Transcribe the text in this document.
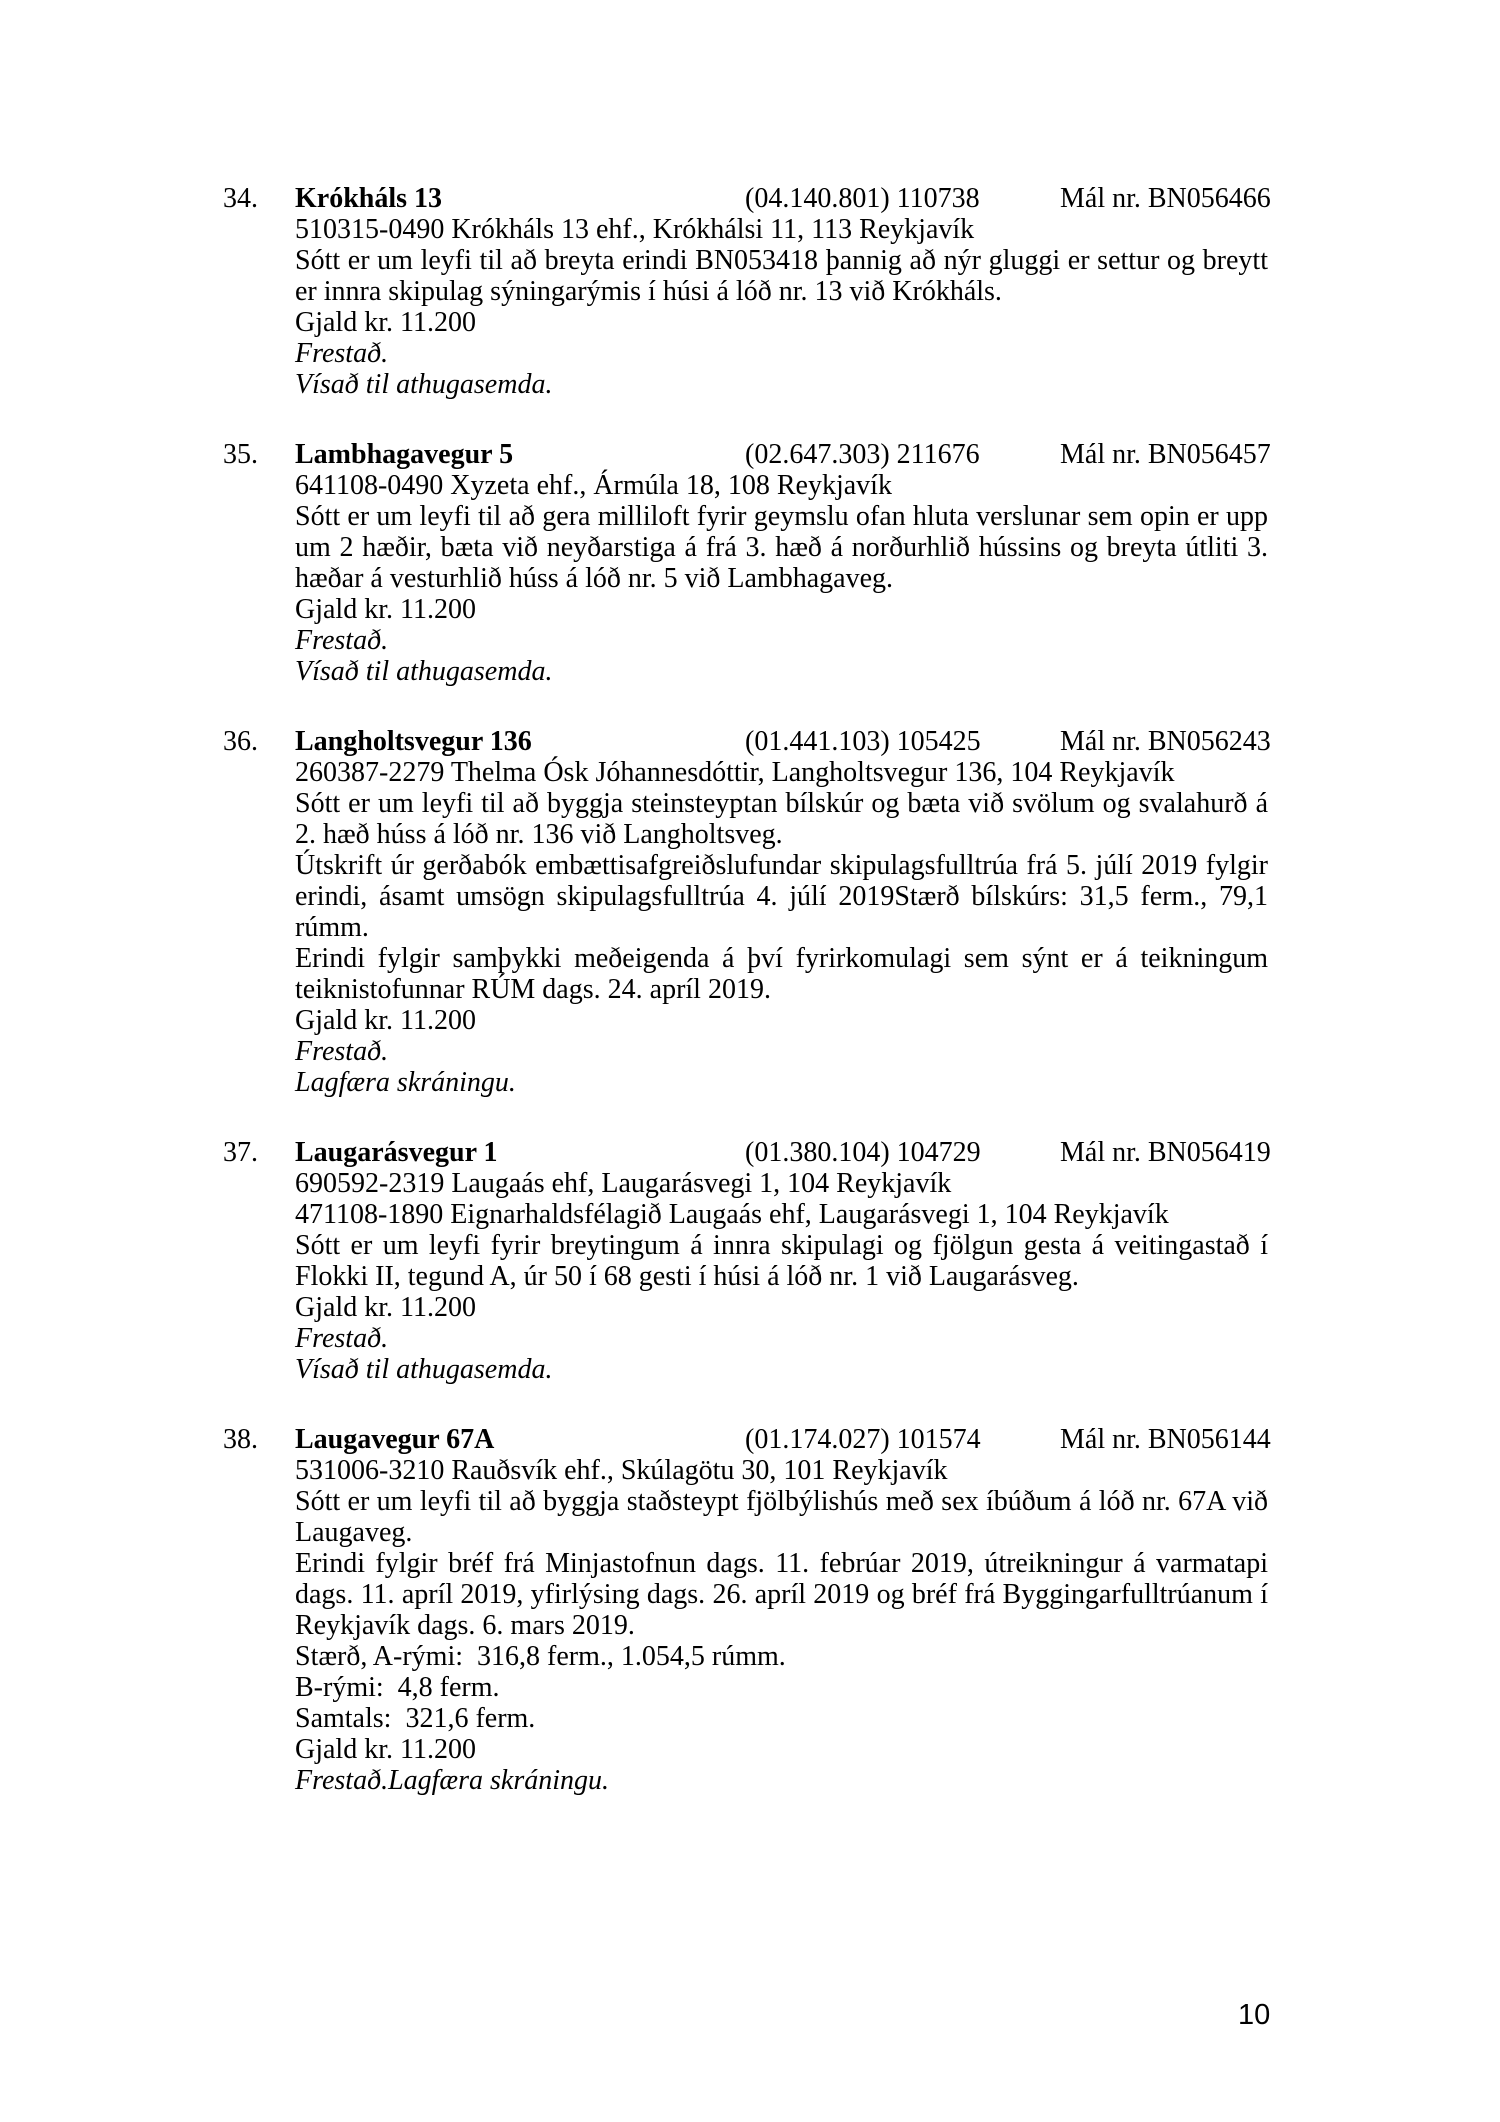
34.	Krókháls 13	(04.140.801) 110738	Mál nr. BN056466
510315-0490 Krókháls 13 ehf., Krókhálsi 11, 113 Reykjavík

Sótt er um leyfi til að breyta erindi BN053418 þannig að nýr gluggi er settur og breytt er innra skipulag sýningarýmis í húsi á lóð nr. 13 við Krókháls.

Gjald kr. 11.200
Frestað.
Vísað til athugasemda.
35.	Lambhagavegur 5	(02.647.303) 211676	Mál nr. BN056457
641108-0490 Xyzeta ehf., Ármúla 18, 108 Reykjavík

Sótt er um leyfi til að gera milliloft fyrir geymslu ofan hluta verslunar sem opin er upp um 2 hæðir, bæta við neyðarstiga á frá 3. hæð á norðurhlið hússins og breyta útliti 3. hæðar á vesturhlið húss á lóð nr. 5 við Lambhagaveg.

Gjald kr. 11.200
Frestað.
Vísað til athugasemda.
36.	Langholtsvegur 136	(01.441.103) 105425	Mál nr. BN056243
260387-2279 Thelma Ósk Jóhannesdóttir, Langholtsvegur 136, 104 Reykjavík

Sótt er um leyfi til að byggja steinsteyptan bílskúr og bæta við svölum og svalahurð á 2. hæð húss á lóð nr. 136 við Langholtsveg.

Útskrift úr gerðabók embættisafgreiðslufundar skipulagsfulltrúa frá 5. júlí 2019 fylgir erindi, ásamt umsögn skipulagsfulltrúa 4. júlí 2019Stærð bílskúrs: 31,5 ferm., 79,1 rúmm.

Erindi fylgir samþykki meðeigenda á því fyrirkomulagi sem sýnt er á teikningum teiknistofunnar RÚM dags. 24. apríl 2019.

Gjald kr. 11.200
Frestað.
Lagfæra skráningu.
37.	Laugarásvegur 1	(01.380.104) 104729	Mál nr. BN056419
690592-2319 Laugaás ehf, Laugarásvegi 1, 104 Reykjavík
471108-1890 Eignarhaldsfélagið Laugaás ehf, Laugarásvegi 1, 104 Reykjavík

Sótt er um leyfi fyrir breytingum á innra skipulagi og fjölgun gesta á veitingastað í Flokki II, tegund A, úr 50 í 68 gesti í húsi á lóð nr. 1 við Laugarásveg.

Gjald kr. 11.200
Frestað.
Vísað til athugasemda.
38.	Laugavegur 67A	(01.174.027) 101574	Mál nr. BN056144
531006-3210 Rauðsvík ehf., Skúlagötu 30, 101 Reykjavík

Sótt er um leyfi til að byggja staðsteypt fjölbýlishús með sex íbúðum á lóð nr. 67A við Laugaveg.

Erindi fylgir bréf frá Minjastofnun dags. 11. febrúar 2019, útreikningur á varmatapi dags. 11. apríl 2019, yfirlýsing dags. 26. apríl 2019 og bréf frá Byggingarfulltrúanum í Reykjavík dags. 6. mars 2019.

Stærð, A-rými:  316,8 ferm., 1.054,5 rúmm.
B-rými:  4,8 ferm.
Samtals:  321,6 ferm.
Gjald kr. 11.200
Frestað.Lagfæra skráningu.
10
